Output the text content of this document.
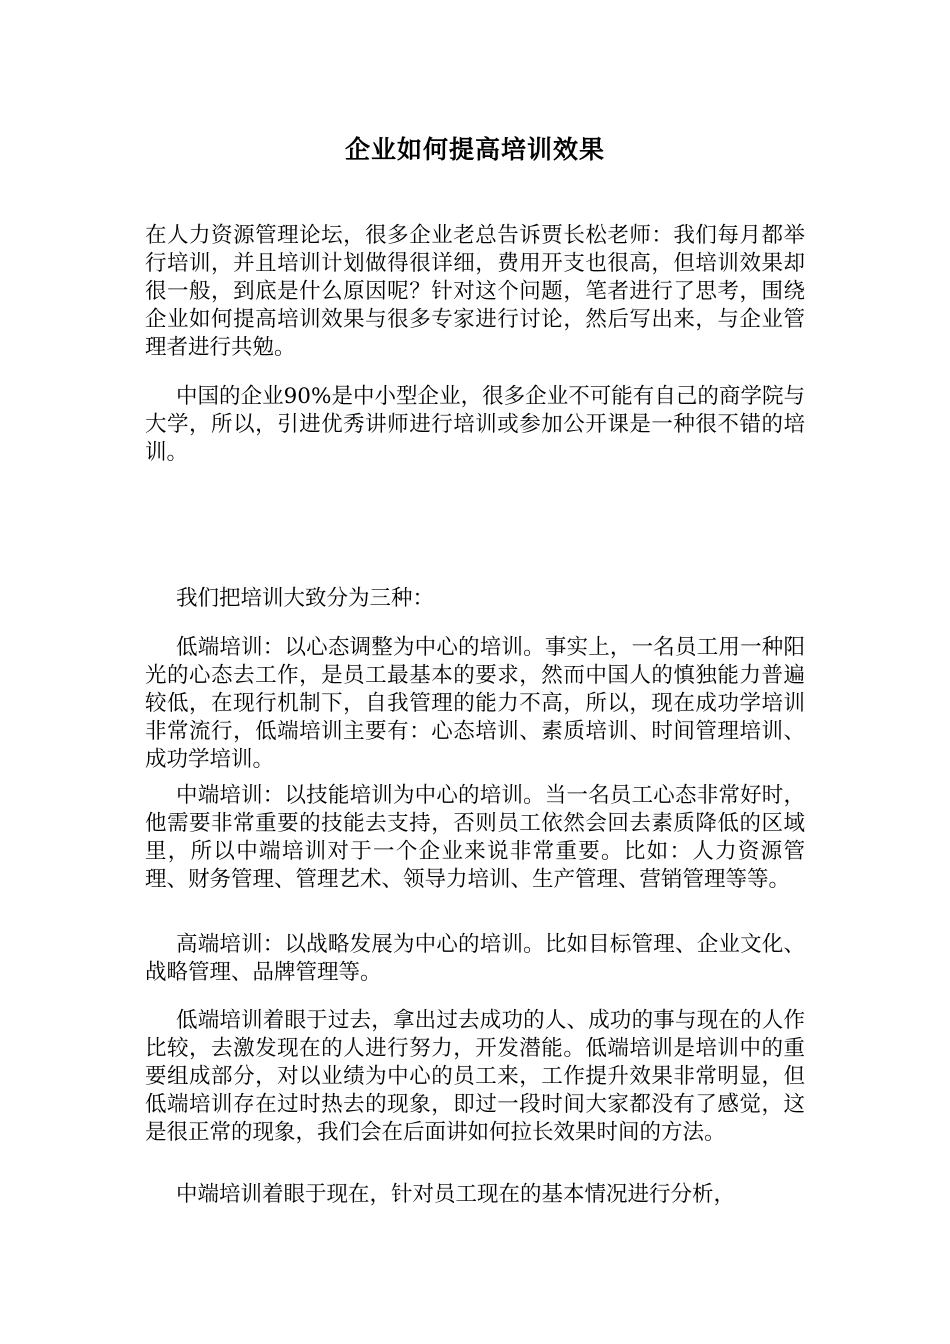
企业如何提高培训效果

在人力资源管理论坛，很多企业老总告诉贾长松老师：我们每月都举行培训，并且培训计划做得很详细，费用开支也很高，但培训效果却很一般，到底是什么原因呢？针对这个问题，笔者进行了思考，围绕企业如何提高培训效果与很多专家进行讨论，然后写出来，与企业管理者进行共勉。

中国的企业90%是中小型企业，很多企业不可能有自己的商学院与大学，所以，引进优秀讲师进行培训或参加公开课是一种很不错的培训。

我们把培训大致分为三种：

低端培训：以心态调整为中心的培训。事实上，一名员工用一种阳光的心态去工作，是员工最基本的要求，然而中国人的慎独能力普遍较低，在现行机制下，自我管理的能力不高，所以，现在成功学培训非常流行，低端培训主要有：心态培训、素质培训、时间管理培训、成功学培训。

中端培训：以技能培训为中心的培训。当一名员工心态非常好时，他需要非常重要的技能去支持，否则员工依然会回去素质降低的区域里，所以中端培训对于一个企业来说非常重要。比如：人力资源管理、财务管理、管理艺术、领导力培训、生产管理、营销管理等等。

高端培训：以战略发展为中心的培训。比如目标管理、企业文化、战略管理、品牌管理等。

低端培训着眼于过去，拿出过去成功的人、成功的事与现在的人作比较，去激发现在的人进行努力，开发潜能。低端培训是培训中的重要组成部分，对以业绩为中心的员工来，工作提升效果非常明显，但低端培训存在过时热去的现象，即过一段时间大家都没有了感觉，这是很正常的现象，我们会在后面讲如何拉长效果时间的方法。

中端培训着眼于现在，针对员工现在的基本情况进行分析，
